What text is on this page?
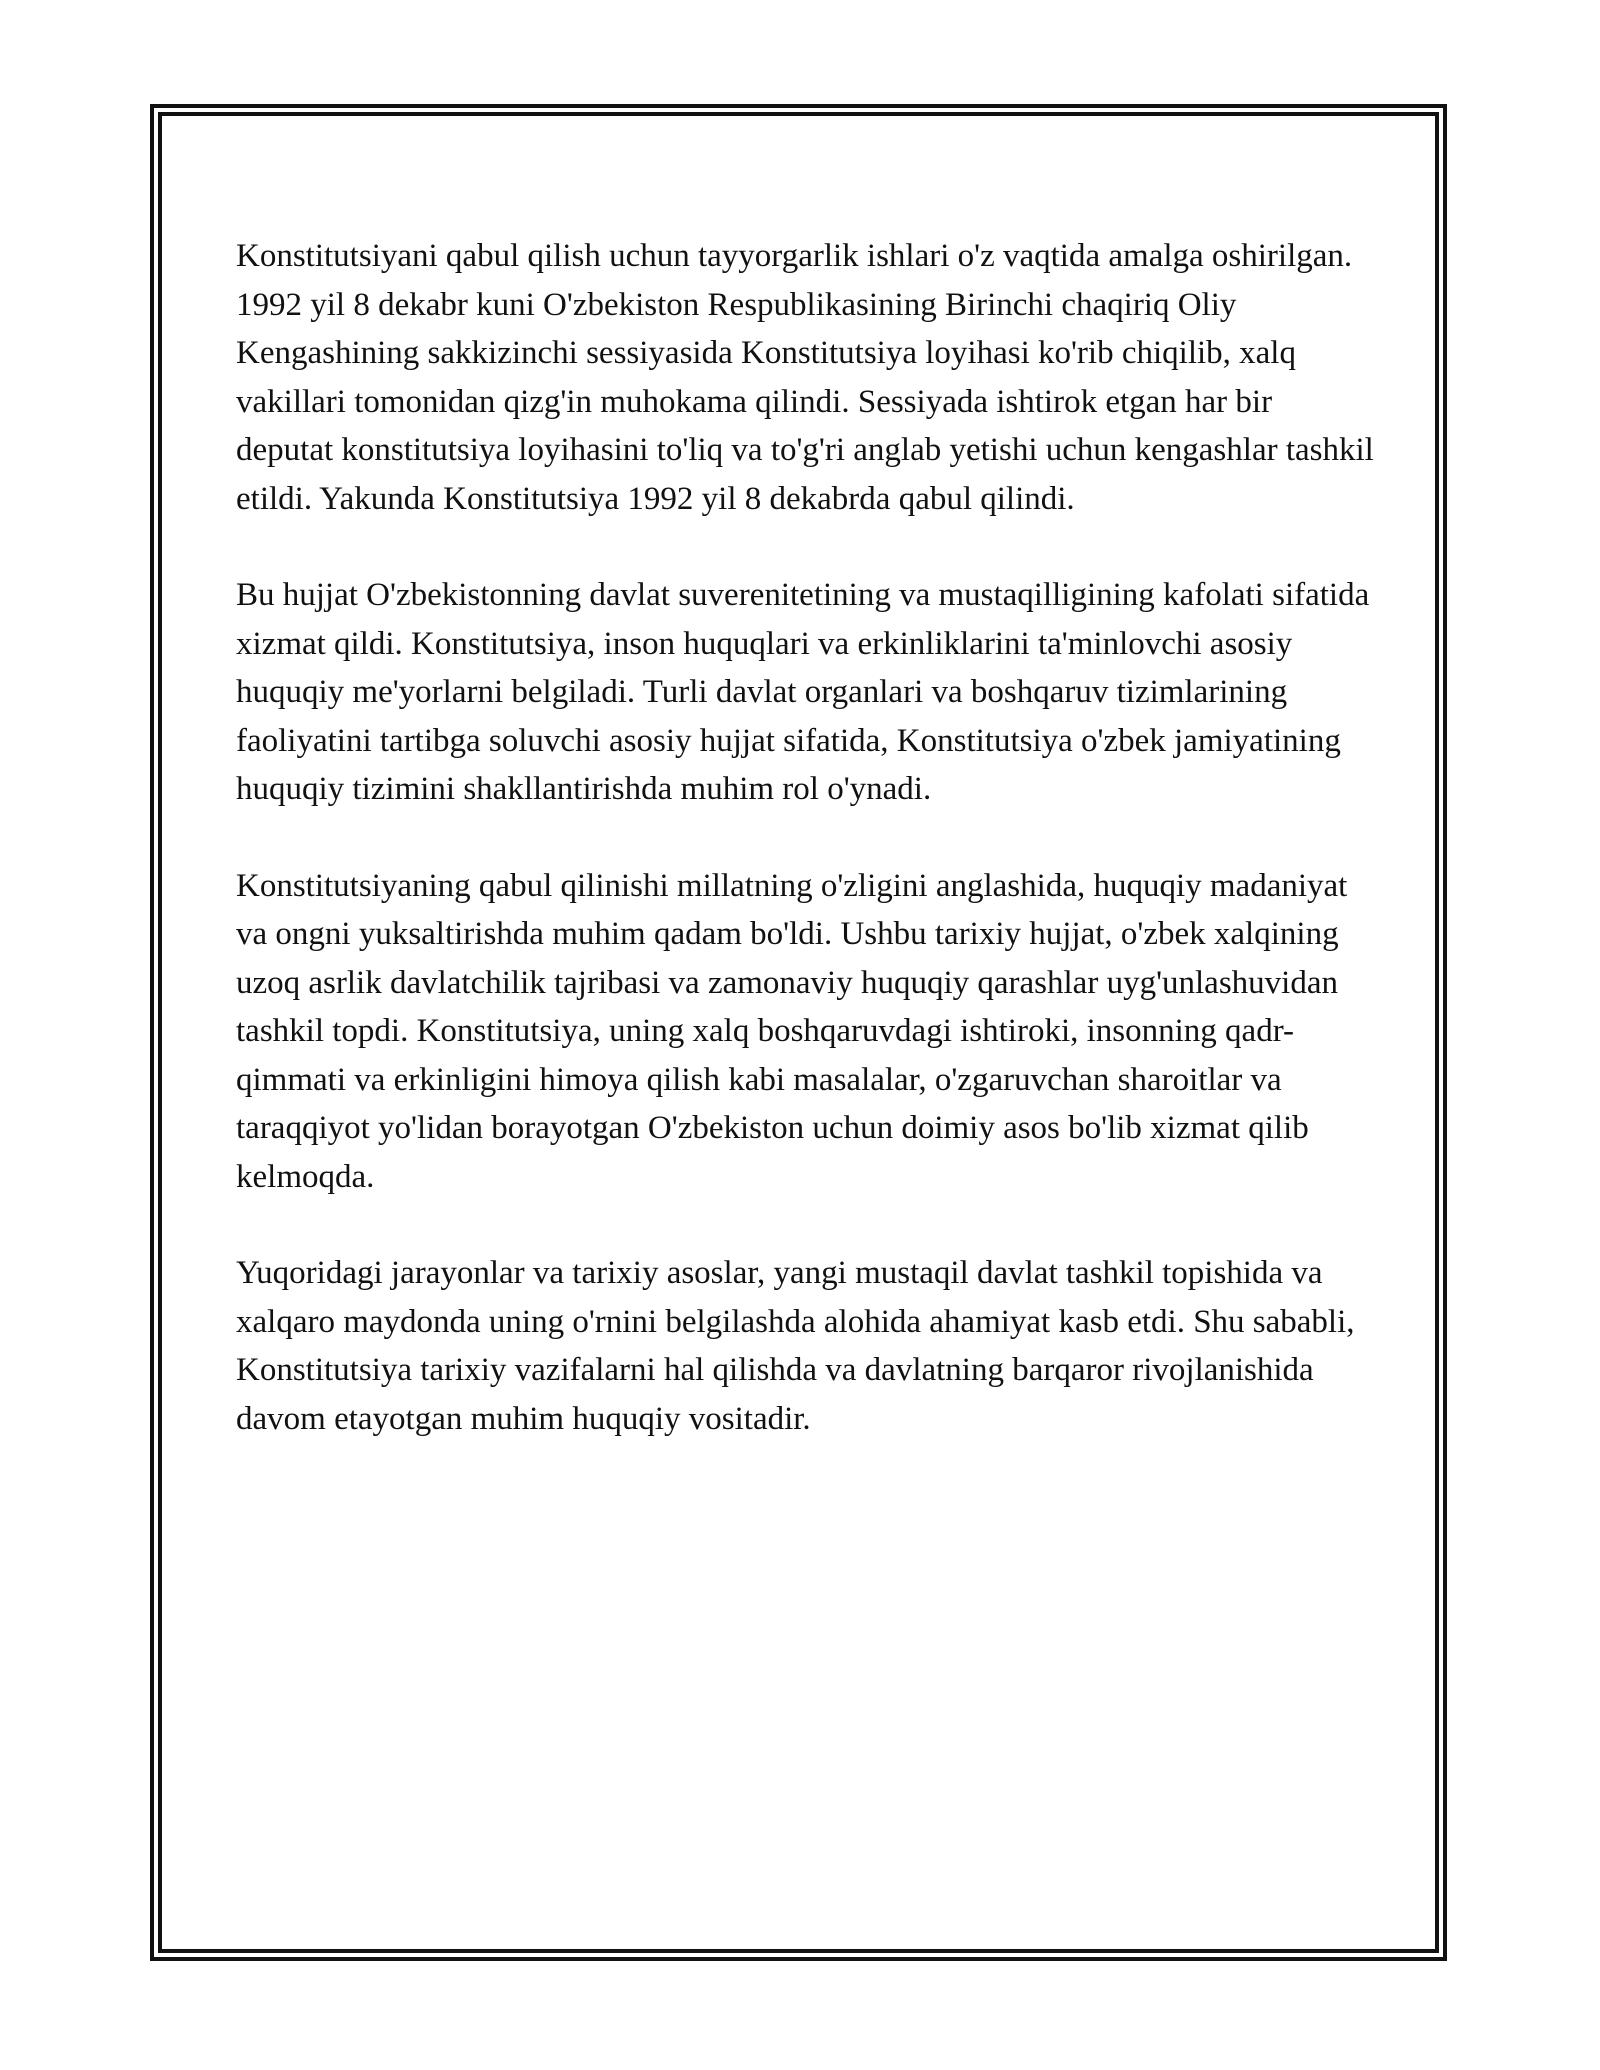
Konstitutsiyani qabul qilish uchun tayyorgarlik ishlari o'z vaqtida amalga oshirilgan. 1992 yil 8 dekabr kuni O'zbekiston Respublikasining Birinchi chaqiriq Oliy Kengashining sakkizinchi sessiyasida Konstitutsiya loyihasi ko'rib chiqilib, xalq vakillari tomonidan qizg'in muhokama qilindi. Sessiyada ishtirok etgan har bir deputat konstitutsiya loyihasini to'liq va to'g'ri anglab yetishi uchun kengashlar tashkil etildi. Yakunda Konstitutsiya 1992 yil 8 dekabrda qabul qilindi.

Bu hujjat O'zbekistonning davlat suverenitetining va mustaqilligining kafolati sifatida xizmat qildi. Konstitutsiya, inson huquqlari va erkinliklarini ta'minlovchi asosiy huquqiy me'yorlarni belgiladi. Turli davlat organlari va boshqaruv tizimlarining faoliyatini tartibga soluvchi asosiy hujjat sifatida, Konstitutsiya o'zbek jamiyatining huquqiy tizimini shakllantirishda muhim rol o'ynadi.

Konstitutsiyaning qabul qilinishi millatning o'zligini anglashida, huquqiy madaniyat va ongni yuksaltirishda muhim qadam bo'ldi. Ushbu tarixiy hujjat, o'zbek xalqining uzoq asrlik davlatchilik tajribasi va zamonaviy huquqiy qarashlar uyg'unlashuvidan tashkil topdi. Konstitutsiya, uning xalq boshqaruvdagi ishtiroki, insonning qadr-qimmati va erkinligini himoya qilish kabi masalalar, o'zgaruvchan sharoitlar va taraqqiyot yo'lidan borayotgan O'zbekiston uchun doimiy asos bo'lib xizmat qilib kelmoqda.

Yuqoridagi jarayonlar va tarixiy asoslar, yangi mustaqil davlat tashkil topishida va xalqaro maydonda uning o'rnini belgilashda alohida ahamiyat kasb etdi. Shu sababli, Konstitutsiya tarixiy vazifalarni hal qilishda va davlatning barqaror rivojlanishida davom etayotgan muhim huquqiy vositadir.
